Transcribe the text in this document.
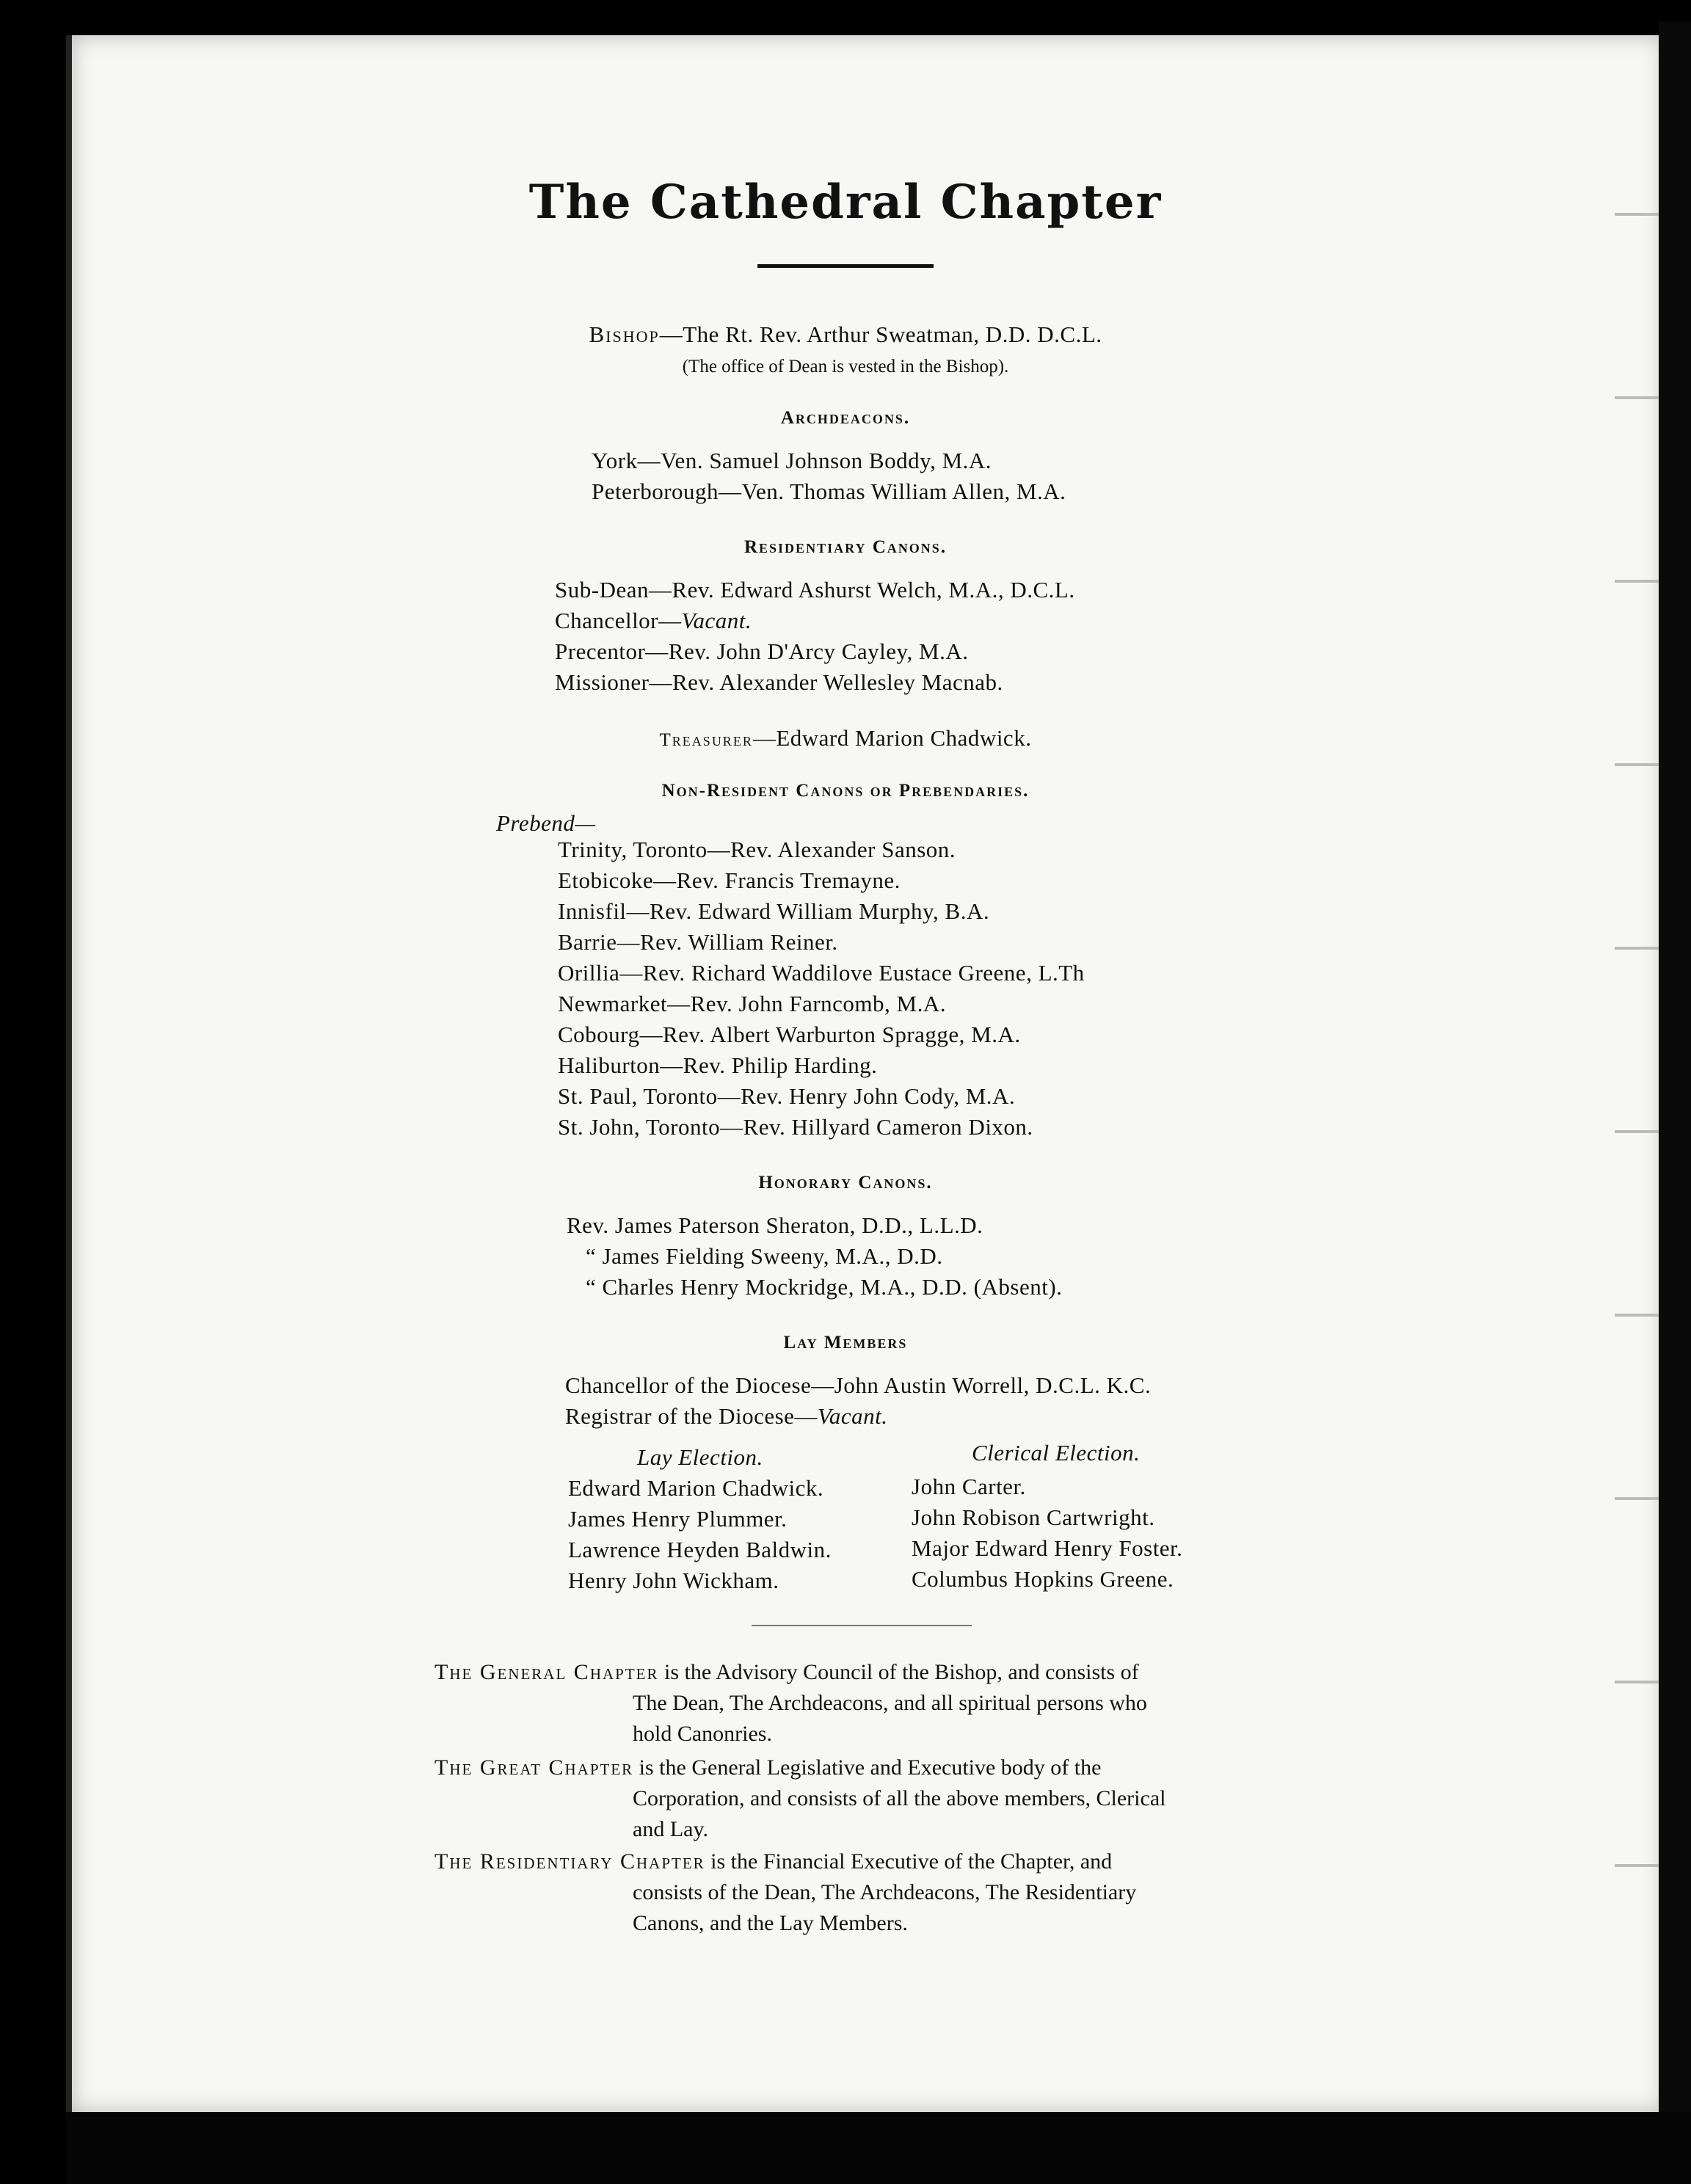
The Cathedral Chapter
Bishop—The Rt. Rev. Arthur Sweatman, D.D. D.C.L.
(The office of Dean is vested in the Bishop).
Archdeacons.
York—Ven. Samuel Johnson Boddy, M.A.
Peterborough—Ven. Thomas William Allen, M.A.
Residentiary Canons.
Sub-Dean—Rev. Edward Ashurst Welch, M.A., D.C.L.
Chancellor—Vacant.
Precentor—Rev. John D'Arcy Cayley, M.A.
Missioner—Rev. Alexander Wellesley Macnab.
Treasurer—Edward Marion Chadwick.
Non-Resident Canons or Prebendaries.
Prebend—
Trinity, Toronto—Rev. Alexander Sanson.
Etobicoke—Rev. Francis Tremayne.
Innisfil—Rev. Edward William Murphy, B.A.
Barrie—Rev. William Reiner.
Orillia—Rev. Richard Waddilove Eustace Greene, L.Th
Newmarket—Rev. John Farncomb, M.A.
Cobourg—Rev. Albert Warburton Spragge, M.A.
Haliburton—Rev. Philip Harding.
St. Paul, Toronto—Rev. Henry John Cody, M.A.
St. John, Toronto—Rev. Hillyard Cameron Dixon.
Honorary Canons.
Rev. James Paterson Sheraton, D.D., L.L.D.
“ James Fielding Sweeny, M.A., D.D.
“ Charles Henry Mockridge, M.A., D.D. (Absent).
Lay Members
Chancellor of the Diocese—John Austin Worrell, D.C.L. K.C.
Registrar of the Diocese—Vacant.
Lay Election.	Clerical Election.
Edward Marion Chadwick.
James Henry Plummer.
Lawrence Heyden Baldwin.
Henry John Wickham.
John Carter.
John Robison Cartwright.
Major Edward Henry Foster.
Columbus Hopkins Greene.
The General Chapter is the Advisory Council of the Bishop, and consists of
The Dean, The Archdeacons, and all spiritual persons who
hold Canonries.
The Great Chapter is the General Legislative and Executive body of the
Corporation, and consists of all the above members, Clerical
and Lay.
The Residentiary Chapter is the Financial Executive of the Chapter, and
consists of the Dean, The Archdeacons, The Residentiary
Canons, and the Lay Members.
